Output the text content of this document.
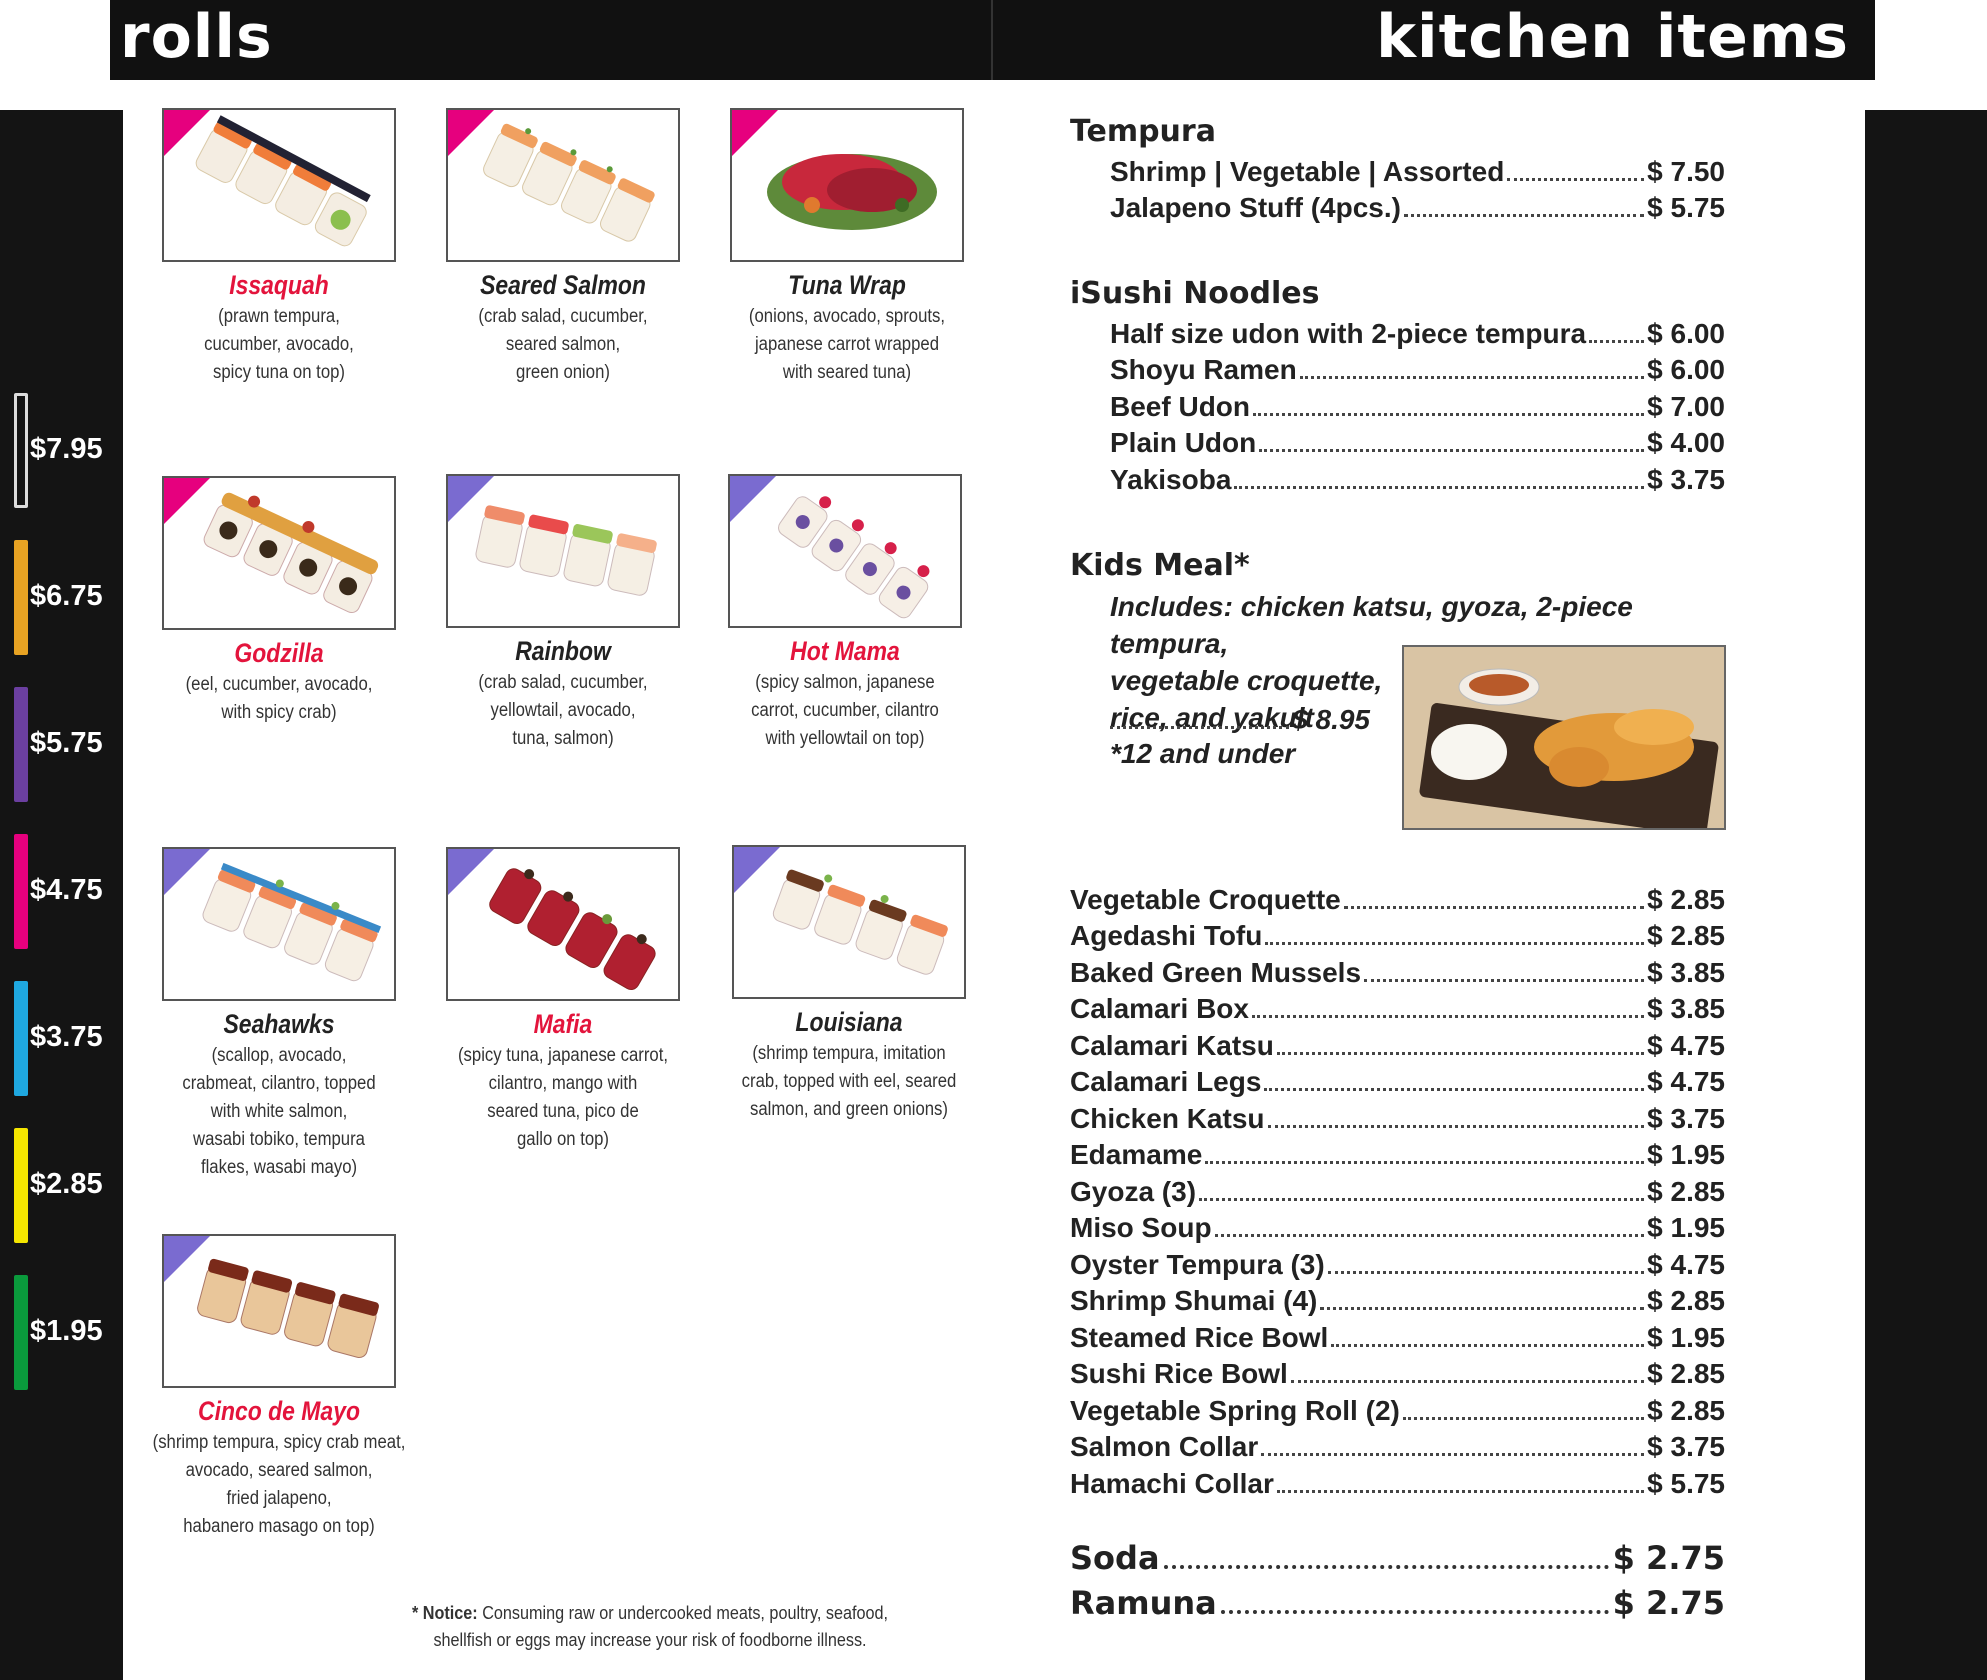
rolls	kitchen items
$7.95
$6.75
$5.75
$4.75
$3.75
$2.85
$1.95
Issaquah
(prawn tempura,
cucumber, avocado,
spicy tuna on top)
Seared Salmon
(crab salad, cucumber,
seared salmon,
green onion)
Tuna Wrap
(onions, avocado, sprouts,
japanese carrot wrapped
with seared tuna)
Godzilla
(eel, cucumber, avocado,
with spicy crab)
Rainbow
(crab salad, cucumber,
yellowtail, avocado,
tuna, salmon)
Hot Mama
(spicy salmon, japanese
carrot, cucumber, cilantro
with yellowtail on top)
Seahawks
(scallop, avocado,
crabmeat, cilantro, topped
with white salmon,
wasabi tobiko, tempura
flakes, wasabi mayo)
Mafia
(spicy tuna, japanese carrot,
cilantro, mango with
seared tuna, pico de
gallo on top)
Louisiana
(shrimp tempura, imitation
crab, topped with eel, seared
salmon, and green onions)
Cinco de Mayo
(shrimp tempura, spicy crab meat,
avocado, seared salmon,
fried jalapeno,
habanero masago on top)
* Notice: Consuming raw or undercooked meats, poultry, seafood,
shellfish or eggs may increase your risk of foodborne illness.
Tempura
Shrimp | Vegetable | Assorted	$ 7.50
Jalapeno Stuff (4pcs.)	$ 5.75
iSushi Noodles
Half size udon with 2-piece tempura $ 6.00
Shoyu Ramen	$ 6.00
Beef Udon	$ 7.00
Plain Udon	$ 4.00
Yakisoba	$ 3.75
Kids Meal*
Includes: chicken katsu, gyoza, 2-piece tempura,
vegetable croquette,
rice, and yakult
$ 8.95
*12 and under
Vegetable Croquette	$ 2.85
Agedashi Tofu	$ 2.85
Baked Green Mussels	$ 3.85
Calamari Box	$ 3.85
Calamari Katsu	$ 4.75
Calamari Legs	$ 4.75
Chicken Katsu	$ 3.75
Edamame	$ 1.95
Gyoza (3)	$ 2.85
Miso Soup	$ 1.95
Oyster Tempura (3)	$ 4.75
Shrimp Shumai (4)	$ 2.85
Steamed Rice Bowl	$ 1.95
Sushi Rice Bowl	$ 2.85
Vegetable Spring Roll (2)	$ 2.85
Salmon Collar	$ 3.75
Hamachi Collar	$ 5.75
Soda	$ 2.75
Ramuna	$ 2.75
